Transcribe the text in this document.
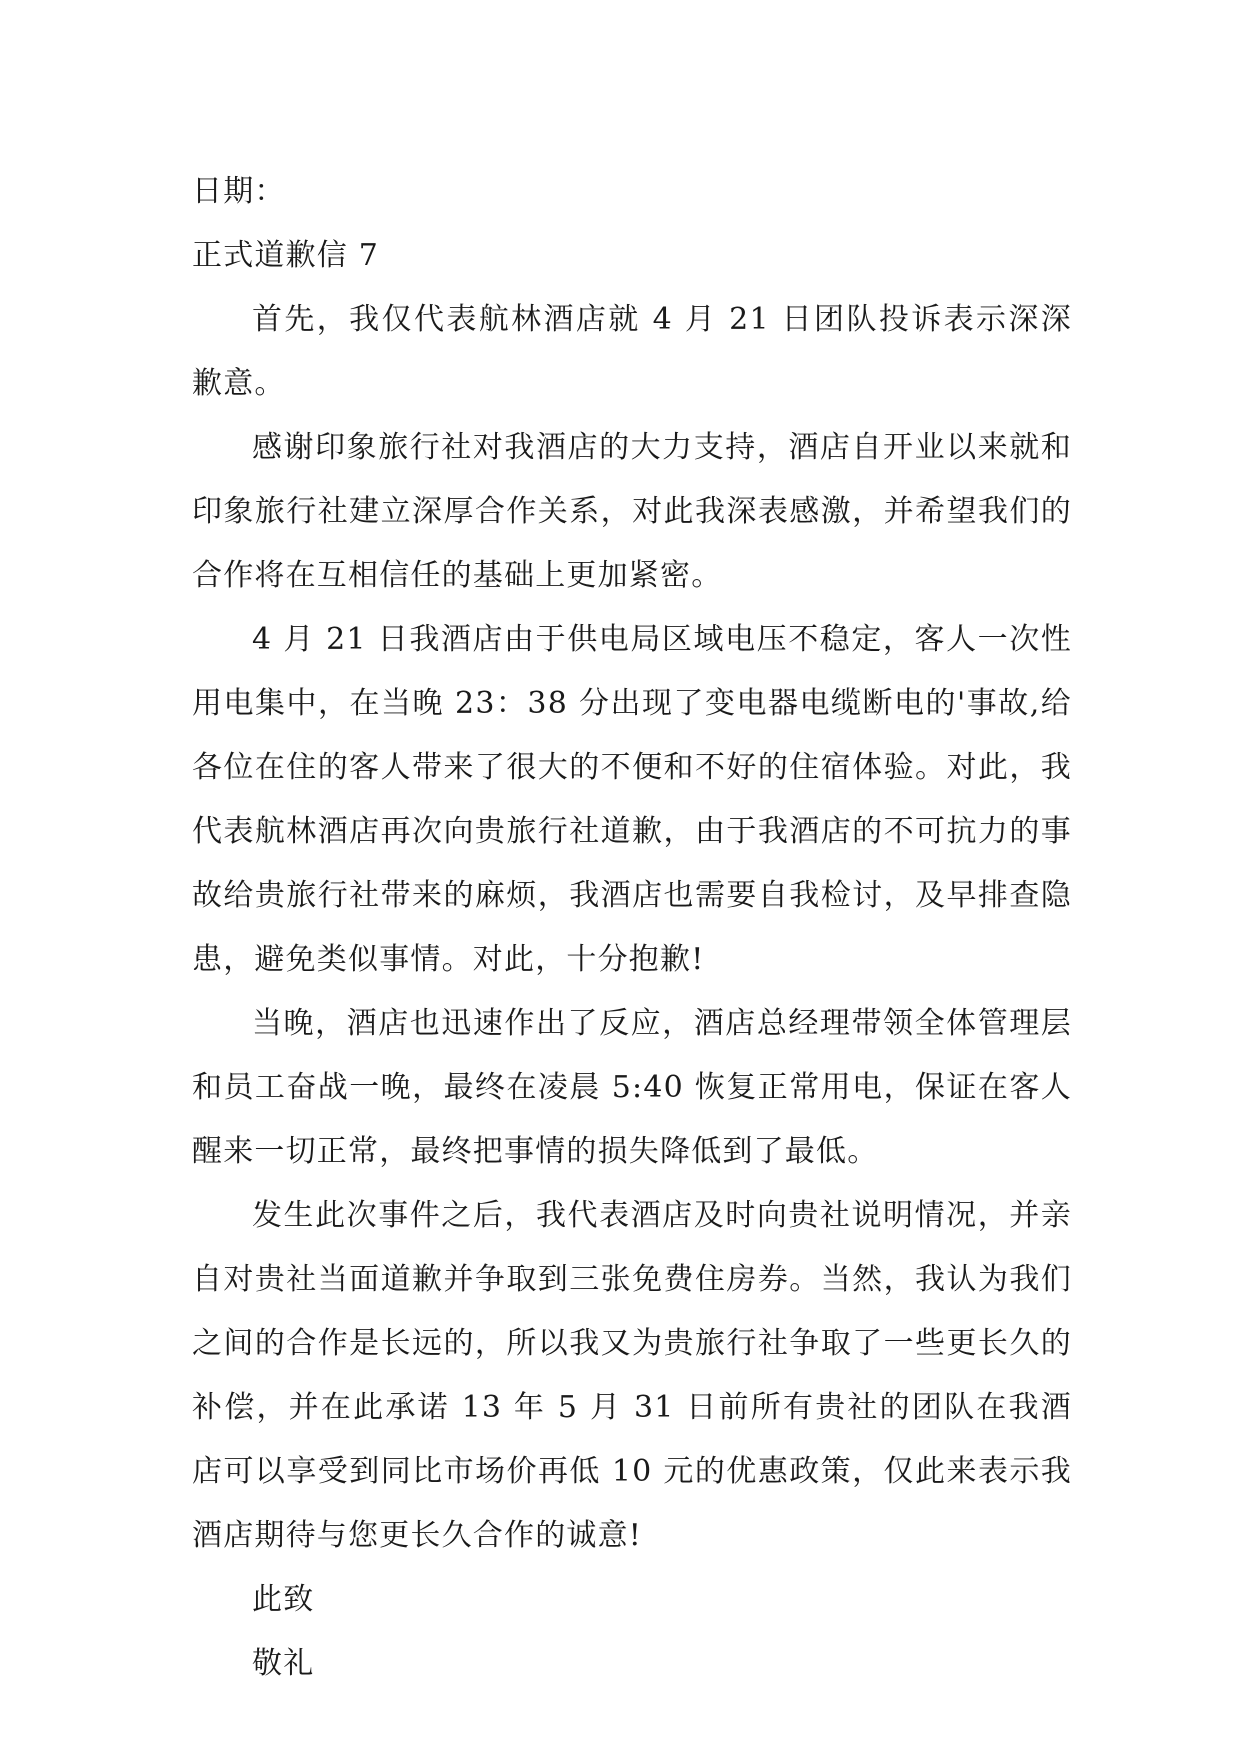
日期：

正式道歉信 7

首先，我仅代表航林酒店就 4 月 21 日团队投诉表示深深歉意。

感谢印象旅行社对我酒店的大力支持，酒店自开业以来就和印象旅行社建立深厚合作关系，对此我深表感激，并希望我们的合作将在互相信任的基础上更加紧密。

4 月 21 日我酒店由于供电局区域电压不稳定，客人一次性用电集中，在当晚 23：38 分出现了变电器电缆断电的'事故,给各位在住的客人带来了很大的不便和不好的住宿体验。对此，我代表航林酒店再次向贵旅行社道歉，由于我酒店的不可抗力的事故给贵旅行社带来的麻烦，我酒店也需要自我检讨，及早排查隐患，避免类似事情。对此，十分抱歉!

当晚，酒店也迅速作出了反应，酒店总经理带领全体管理层和员工奋战一晚，最终在凌晨 5:40 恢复正常用电，保证在客人醒来一切正常，最终把事情的损失降低到了最低。

发生此次事件之后，我代表酒店及时向贵社说明情况，并亲自对贵社当面道歉并争取到三张免费住房券。当然，我认为我们之间的合作是长远的，所以我又为贵旅行社争取了一些更长久的补偿，并在此承诺 13 年 5 月 31 日前所有贵社的团队在我酒店可以享受到同比市场价再低 10 元的优惠政策，仅此来表示我酒店期待与您更长久合作的诚意!

此致

敬礼
